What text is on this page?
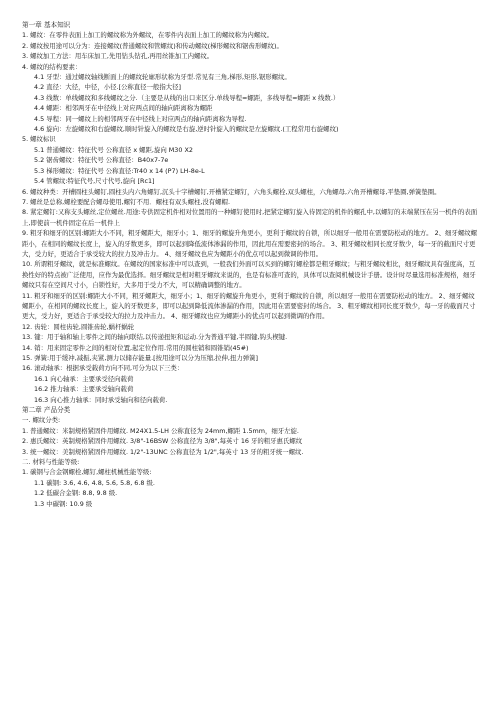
第一章 基本知识
1. 螺纹：在零件表面上加工的螺纹称为外螺纹，在零件内表面上加工的螺纹称为内螺纹。
2. 螺纹按用途可以分为：连接螺纹(普通螺纹和管螺纹)和传动螺纹(梯形螺纹和锯齿形螺纹)。
3. 螺纹加工方法：用车床加工,先用钻头钻孔,再用丝锥加工内螺纹。
4. 螺纹的结构要素：
4.1 牙型：通过螺纹轴线断面上的螺纹轮廓形状称为牙型.常见有三角,梯形,矩形,锯形螺纹。
4.2 直径：大径，中径，小径.[公称直径一般指大径]
4.3 线数：单线螺纹和多线螺纹之分.（主要是从线的出口来区分.单线导程=螺距，多线导程=螺距 x 线数.）
4.4 螺距：相邻两牙在中径线上对应两点间的轴向距离称为螺距
4.5 导程：同一螺纹上的相邻两牙在中径线上对应两点的轴向距离称为导程.
4.6 旋向：左旋螺纹和右旋螺纹,顺时针旋入的螺纹是右旋,逆时针旋入的螺纹是左旋螺纹.(工程常用右旋螺纹)
5. 螺纹标识
5.1 普通螺纹：特征代号 公称直径 x 螺距,旋向 M30 X2
5.2 锯齿螺纹：特征代号 公称直径：B40x7-7e
5.3 梯形螺纹：特征代号 公称直径:Tr40 x 14 (P7) LH-8e-L
5.4 管螺纹:特征代号,尺寸代号,旋向 [Rc1]
6. 螺纹种类：开槽圆柱头螺钉,圆柱头内六角螺钉,沉头十字槽螺钉,开槽紧定螺钉，六角头螺栓,双头螺柱，六角螺母,六角开槽螺母,平垫圈,弹簧垫圈。
7. 螺丝是总称,螺栓要配合螺母使用,螺钉不用．螺柱有双头螺柱,没有螺帽.
8. 紧定螺钉:又称支头螺丝,定位螺丝.用途:专供固定机件相对位置用的一种螺钉使用时,把紧定螺钉旋入待固定的机件的螺孔中,以螺钉的末端紧压在另一机件的表面上,即使前一机件固定在后一机件上
9. 粗牙和细牙的区别:螺距大小不同，粗牙螺距大，细牙小；1、细牙的螺旋升角更小，更利于螺纹的自锁，所以细牙一般用在需要防松动的地方。 2、细牙螺纹螺距小，在相同的螺纹长度上，旋入的牙数更多，即可以起到降低流体渗漏的作用，因此用在需要密封的场合。 3、粗牙螺纹相同长度牙数少，每一牙的截面尺寸更大，受力好，更适合于承受较大的拉力及冲击力。 4、细牙螺纹也应为螺距小的优点可以起到微调的作用。
10. 所谓粗牙螺纹，就是标准螺纹。在螺纹的国家标准中可以查到，一般我们外面可以买到的螺钉螺栓都是粗牙螺纹；与粗牙螺纹相比，细牙螺纹具有强度高，互换性好的特点被广泛使用，应作为最优选择。细牙螺纹是相对粗牙螺纹来说的，也是有标准可查的，具体可以查阅机械设计手册。设计时尽量选用标准规格，细牙螺纹只有在空间尺寸小，自锁性好，大多用于受力不大，可以精确调整的地方。
11. 粗牙和细牙的区别:螺距大小不同，粗牙螺距大，细牙小；1、细牙的螺旋升角更小，更利于螺纹的自锁，所以细牙一般用在需要防松动的地方。 2、细牙螺纹螺距小，在相同的螺纹长度上，旋入的牙数更多，即可以起到降低流体渗漏的作用，因此用在需要密封的场合。 3、粗牙螺纹相同长度牙数少，每一牙的截面尺寸更大，受力好，更适合于承受较大的拉力及冲击力。 4、细牙螺纹也应为螺距小的优点可以起到微调的作用。
12. 齿轮：圆柱齿轮,圆锥齿轮,蜗杆蜗轮
13. 键：用于轴和轴上零件之间的轴向联结,以传递扭矩和运动.分为普通平键,半圆键,钩头楔键.
14. 销：用来固定零件之间的相对位置,起定位作用.常用的圆柱销和圆锥销(45#)
15. 弹簧:用于缓冲,减振,夹紧,测力以储存能量.[按用途可以分为压缩,拉伸,扭力弹簧]
16. 滚动轴承：根据承受载荷方向不同,可分为以下三类：
16.1 向心轴承：主要承受径向载荷
16.2 推力轴承：主要承受轴向载荷
16.3 向心推力轴承：同时承受轴向和径向载荷.
第二章 产品分类
一. 螺纹分类:
1. 普通螺纹：米制规格紧固件用螺纹. M24X1.5-LH 公称直径为 24mm,螺距 1.5mm，细牙左旋.
2. 惠氏螺纹：英制规格紧固件用螺纹. 3/8"-16BSW 公称直径为 3/8",每英寸 16 牙的粗牙惠氏螺纹
3. 统一螺纹：美制规格紧固件用螺纹. 1/2"-13UNC 公称直径为 1/2",每英寸 13 牙的粗牙统一螺纹.
二. 材料与性能等级:
1. 碳钢与合金钢螺栓,螺钉,螺柱机械性能等级:
1.1 碳钢: 3.6, 4.6, 4.8, 5.6, 5.8, 6.8 级.
1.2 低碳合金钢: 8.8, 9.8 级.
1.3 中碳钢: 10.9 级
